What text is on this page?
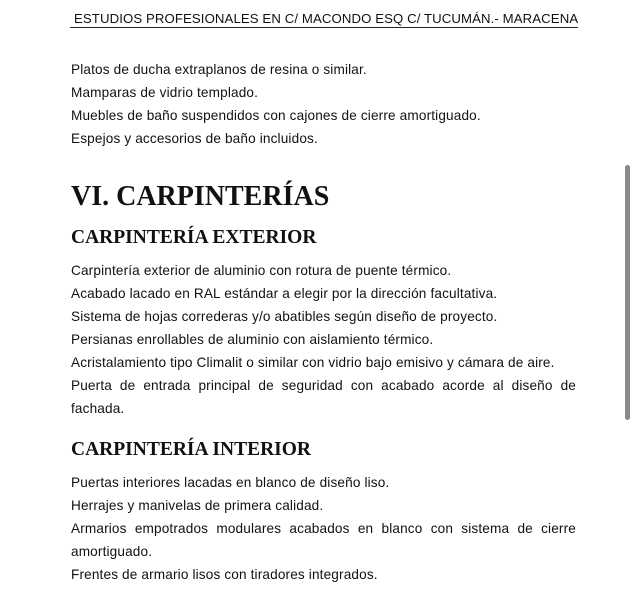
ESTUDIOS PROFESIONALES EN C/ MACONDO ESQ C/ TUCUMÁN.- MARACENA
Platos de ducha extraplanos de resina o similar.
Mamparas de vidrio templado.
Muebles de baño suspendidos con cajones de cierre amortiguado.
Espejos y accesorios de baño incluidos.
VI. CARPINTERÍAS
CARPINTERÍA EXTERIOR
Carpintería exterior de aluminio con rotura de puente térmico.
Acabado lacado en RAL estándar a elegir por la dirección facultativa.
Sistema de hojas correderas y/o abatibles según diseño de proyecto.
Persianas enrollables de aluminio con aislamiento térmico.
Acristalamiento tipo Climalit o similar con vidrio bajo emisivo y cámara de aire.
Puerta de entrada principal de seguridad con acabado acorde al diseño de fachada.
CARPINTERÍA INTERIOR
Puertas interiores lacadas en blanco de diseño liso.
Herrajes y manivelas de primera calidad.
Armarios empotrados modulares acabados en blanco con sistema de cierre amortiguado.
Frentes de armario lisos con tiradores integrados.
